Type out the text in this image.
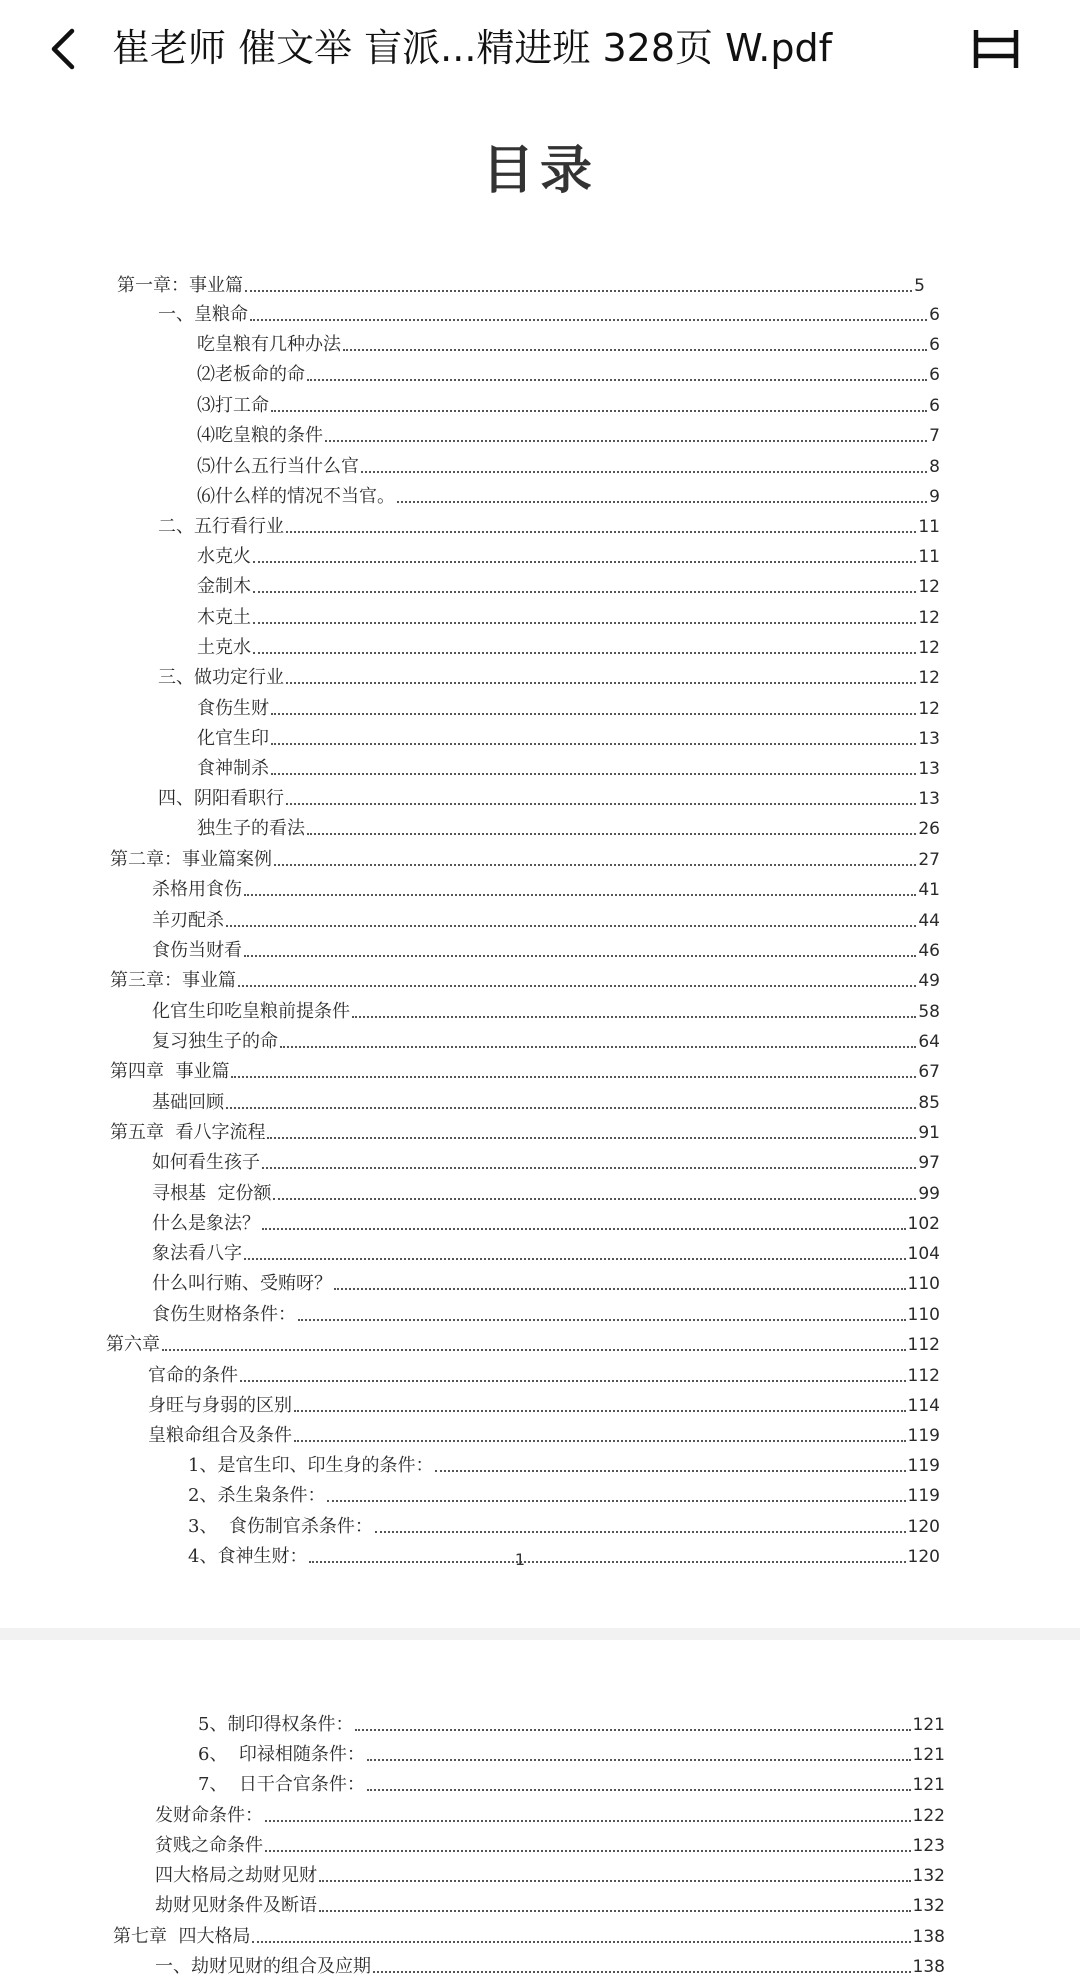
崔老师 催文举 盲派...精进班 328页 W.pdf
目录
第一章：事业篇	5
一、皇粮命	6
吃皇粮有几种办法	6
⑵老板命的命	6
⑶打工命	6
⑷吃皇粮的条件	7
⑸什么五行当什么官	8
⑹什么样的情况不当官。	9
二、五行看行业	11
水克火	11
金制木	12
木克土	12
土克水	12
三、做功定行业	12
食伤生财	12
化官生印	13
食神制杀	13
四、阴阳看职行	13
独生子的看法	26
第二章：事业篇案例	27
杀格用食伤	41
羊刃配杀	44
食伤当财看	46
第三章：事业篇	49
化官生印吃皇粮前提条件	58
复习独生子的命	64
第四章  事业篇	67
基础回顾	85
第五章  看八字流程	91
如何看生孩子	97
寻根基  定份额	99
什么是象法？	102
象法看八字	104
什么叫行贿、受贿呀？	110
食伤生财格条件：	110
第六章	112
官命的条件	112
身旺与身弱的区别	114
皇粮命组合及条件	119
1、是官生印、印生身的条件：	119
2、杀生枭条件：	119
3、  食伤制官杀条件：	120
4、食神生财：	120
1
5、制印得权条件：	121
6、  印禄相随条件：	121
7、  日干合官条件：	121
发财命条件：	122
贫贱之命条件	123
四大格局之劫财见财	132
劫财见财条件及断语	132
第七章  四大格局	138
一、劫财见财的组合及应期	138
